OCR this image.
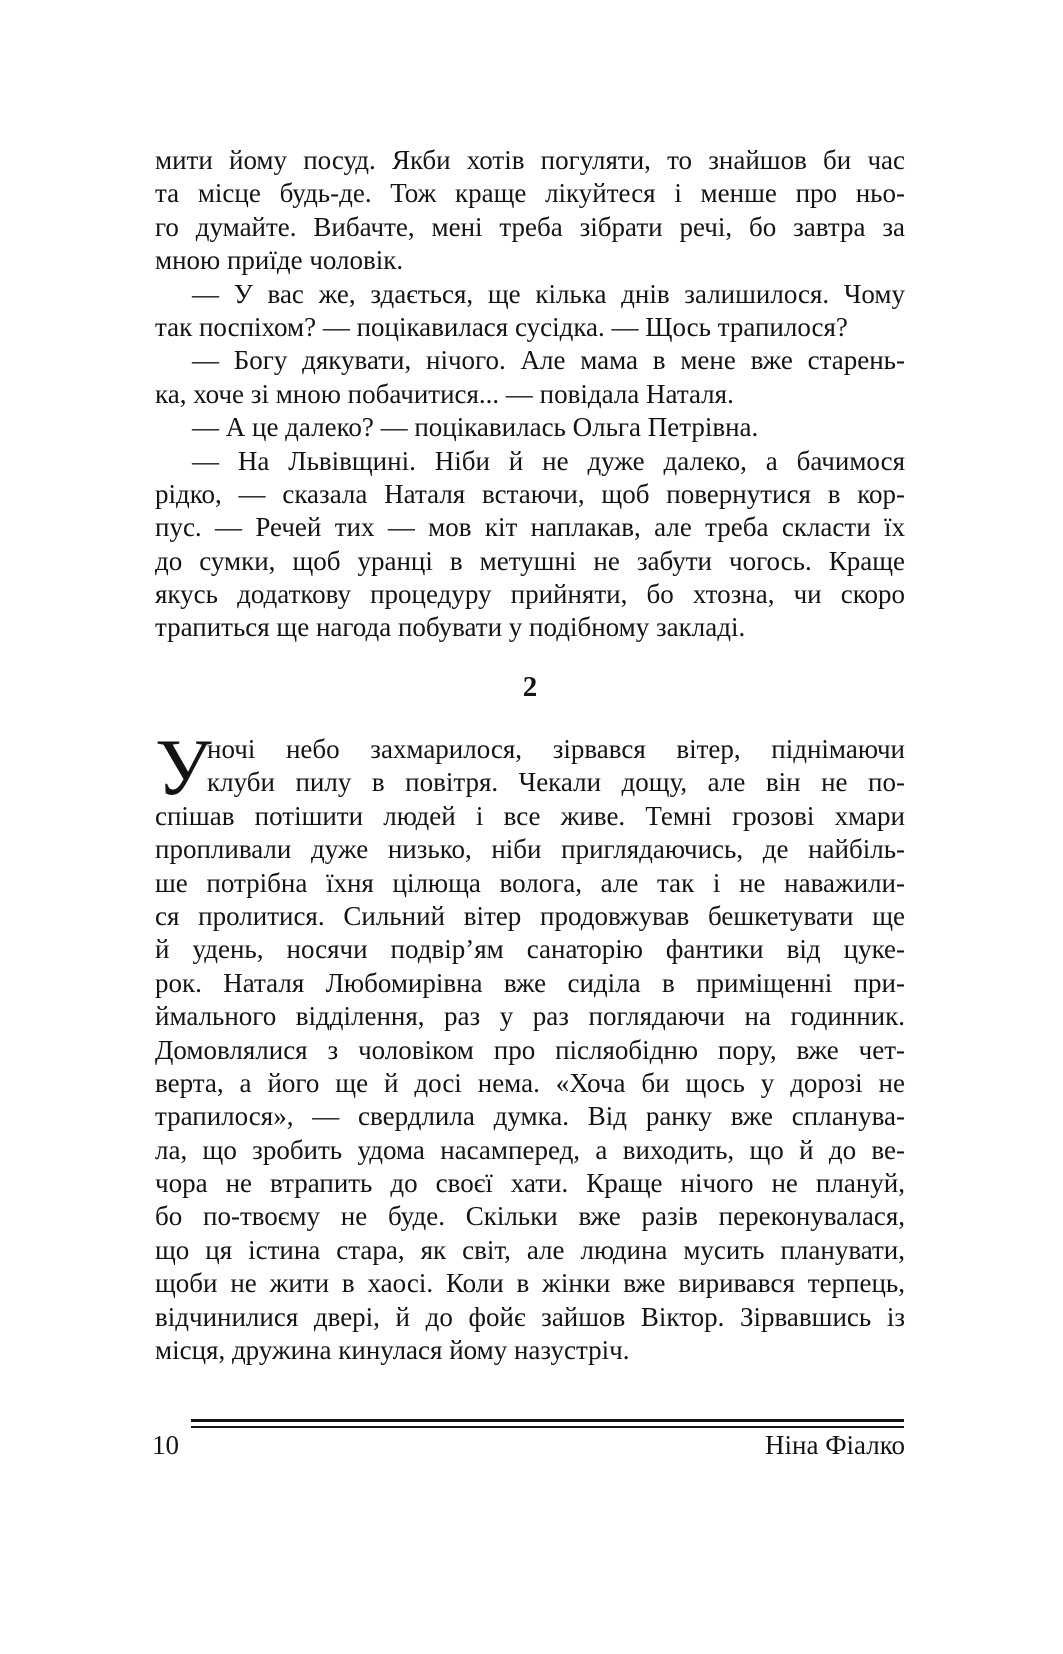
мити йому посуд. Якби хотів погуляти, то знайшов би час
та місце будь-де. Тож краще лікуйтеся і менше про ньо-
го думайте. Вибачте, мені треба зібрати речі, бо завтра за
мною приїде чоловік.
— У вас же, здається, ще кілька днів залишилося. Чому
так поспіхом? — поцікавилася сусідка. — Щось трапилося?
— Богу дякувати, нічого. Але мама в мене вже старень-
ка, хоче зі мною побачитися... — повідала Наталя.
— А це далеко? — поцікавилась Ольга Петрівна.
— На Львівщині. Ніби й не дуже далеко, а бачимося
рідко, — сказала Наталя встаючи, щоб повернутися в кор-
пус. — Речей тих — мов кіт наплакав, але треба скласти їх
до сумки, щоб уранці в метушні не забути чогось. Краще
якусь додаткову процедуру прийняти, бо хтозна, чи скоро
трапиться ще нагода побувати у подібному закладі.
2
У
ночі небо захмарилося, зірвався вітер, піднімаючи
клуби пилу в повітря. Чекали дощу, але він не по-
спішав потішити людей і все живе. Темні грозові хмари
пропливали дуже низько, ніби приглядаючись, де найбіль-
ше потрібна їхня цілюща волога, але так і не наважили-
ся пролитися. Сильний вітер продовжував бешкетувати ще
й удень, носячи подвір’ям санаторію фантики від цуке-
рок. Наталя Любомирівна вже сиділа в приміщенні при-
ймального відділення, раз у раз поглядаючи на годинник.
Домовлялися з чоловіком про післяобідню пору, вже чет-
верта, а його ще й досі нема. «Хоча би щось у дорозі не
трапилося», — свердлила думка. Від ранку вже спланува-
ла, що зробить удома насамперед, а виходить, що й до ве-
чора не втрапить до своєї хати. Краще нічого не плануй,
бо по-твоєму не буде. Скільки вже разів переконувалася,
що ця істина стара, як світ, але людина мусить планувати,
щоби не жити в хаосі. Коли в жінки вже виривався терпець,
відчинилися двері, й до фойє зайшов Віктор. Зірвавшись із
місця, дружина кинулася йому назустріч.
10	Ніна Фіалко
